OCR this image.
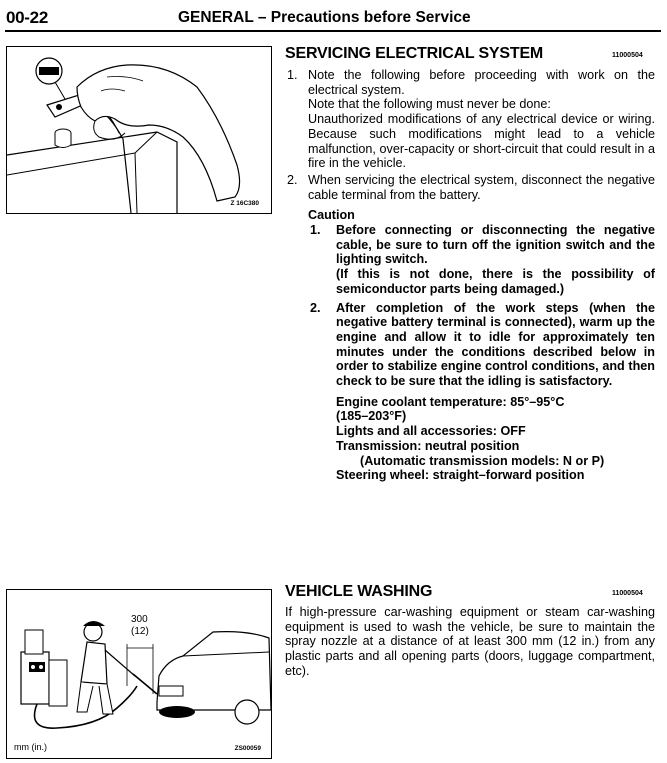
00-22	GENERAL – Precautions before Service
Z 16C380
SERVICING ELECTRICAL SYSTEM	11000504
1. Note the following before proceeding with work on the electrical system.

Note that the following must never be done:

Unauthorized modifications of any electrical device or wiring. Because such modifications might lead to a vehicle malfunction, over-capacity or short-circuit that could result in a fire in the vehicle.

2. When servicing the electrical system, disconnect the negative cable terminal from the battery.

Caution
1. Before connecting or disconnecting the negative cable, be sure to turn off the ignition switch and the lighting switch.

(If this is not done, there is the possibility of semiconductor parts being damaged.)

2. After completion of the work steps (when the negative battery terminal is connected), warm up the engine and allow it to idle for approximately ten minutes under the conditions described below in order to stabilize engine control conditions, and then check to be sure that the idling is satisfactory.

Engine coolant temperature: 85°–95°C
(185–203°F)
Lights and all accessories: OFF
Transmission: neutral position
(Automatic transmission models: N or P)
Steering wheel: straight–forward position
300
(12)
mm (in.)	ZS00059
VEHICLE WASHING	11000504
If high-pressure car-washing equipment or steam car-washing equipment is used to wash the vehicle, be sure to maintain the spray nozzle at a distance of at least 300 mm (12 in.) from any plastic parts and all opening parts (doors, luggage compartment, etc).
